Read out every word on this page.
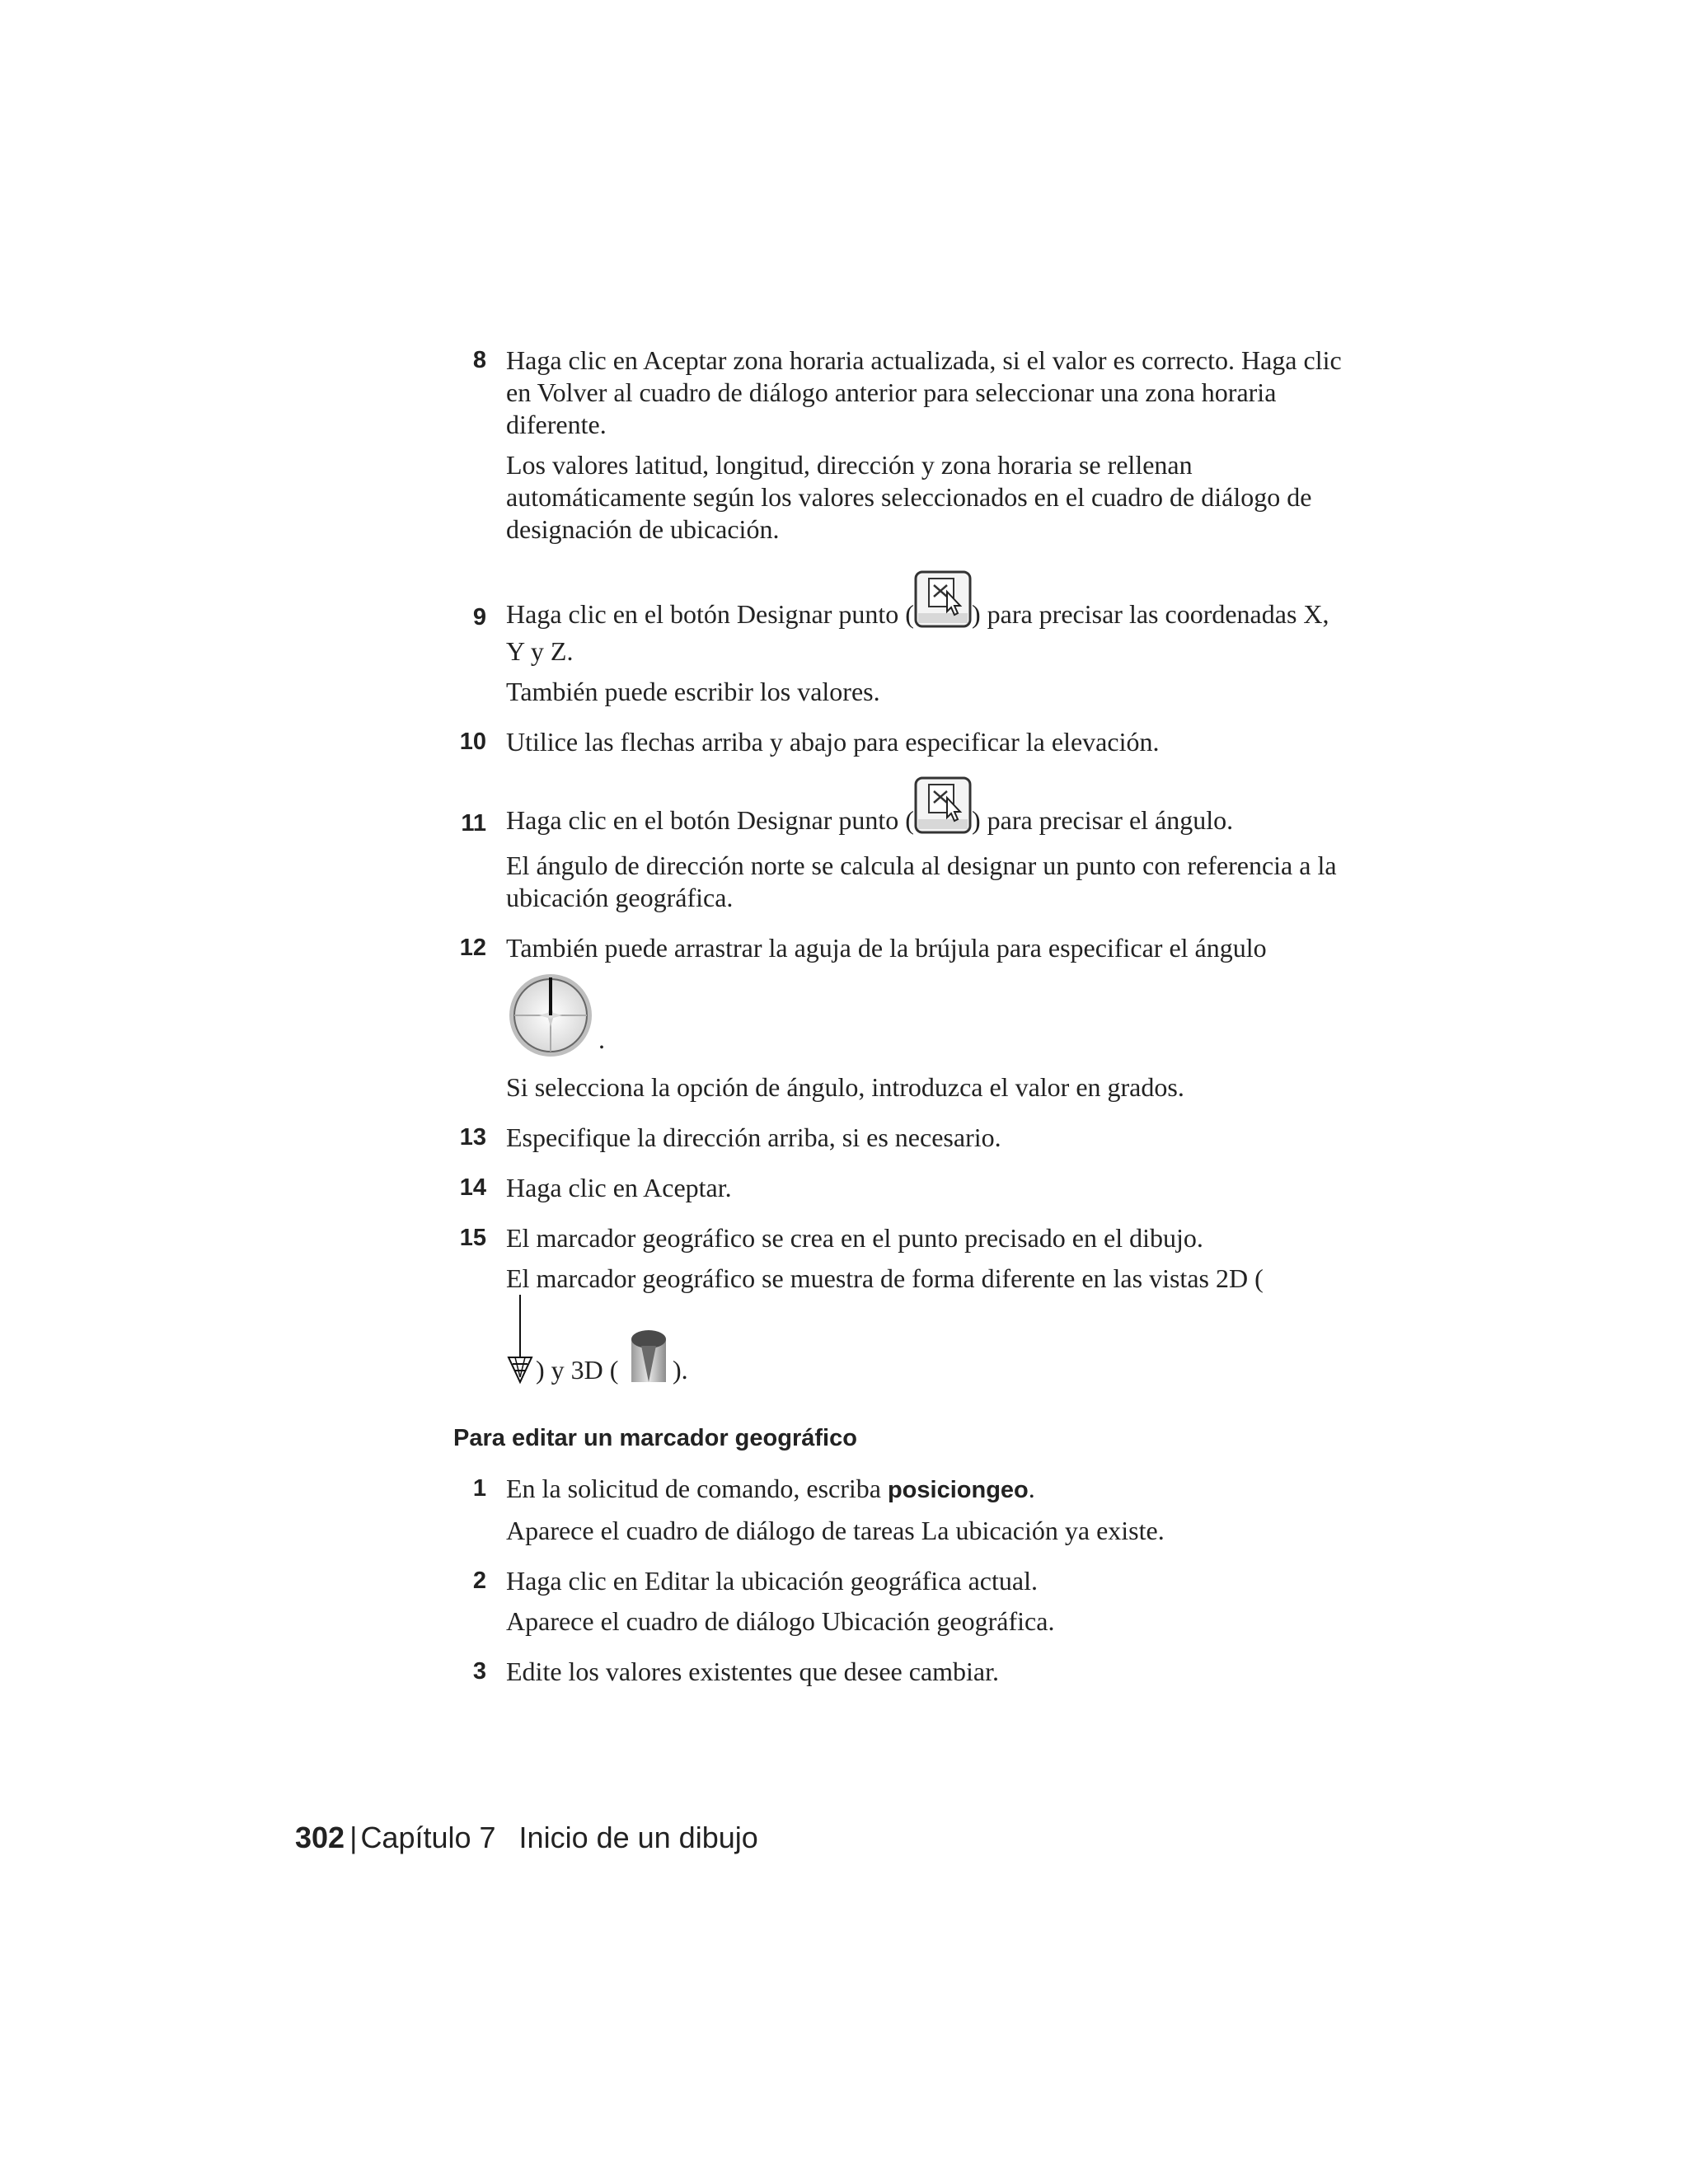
8 Haga clic en Aceptar zona horaria actualizada, si el valor es correcto. Haga clic en Volver al cuadro de diálogo anterior para seleccionar una zona horaria diferente.

Los valores latitud, longitud, dirección y zona horaria se rellenan automáticamente según los valores seleccionados en el cuadro de diálogo de designación de ubicación.

9 Haga clic en el botón Designar punto ( ) para precisar las coordenadas X, Y y Z.

También puede escribir los valores.

10 Utilice las flechas arriba y abajo para especificar la elevación.

11 Haga clic en el botón Designar punto ( ) para precisar el ángulo.

El ángulo de dirección norte se calcula al designar un punto con referencia a la ubicación geográfica.

12 También puede arrastrar la aguja de la brújula para especificar el ángulo

.

Si selecciona la opción de ángulo, introduzca el valor en grados.

13 Especifique la dirección arriba, si es necesario.

14 Haga clic en Aceptar.

15 El marcador geográfico se crea en el punto precisado en el dibujo.

El marcador geográfico se muestra de forma diferente en las vistas 2D (

) y 3D ( ).

Para editar un marcador geográfico

1 En la solicitud de comando, escriba posiciongeo.

Aparece el cuadro de diálogo de tareas La ubicación ya existe.

2 Haga clic en Editar la ubicación geográfica actual.

Aparece el cuadro de diálogo Ubicación geográfica.

3 Edite los valores existentes que desee cambiar.

302 | Capítulo 7 Inicio de un dibujo
